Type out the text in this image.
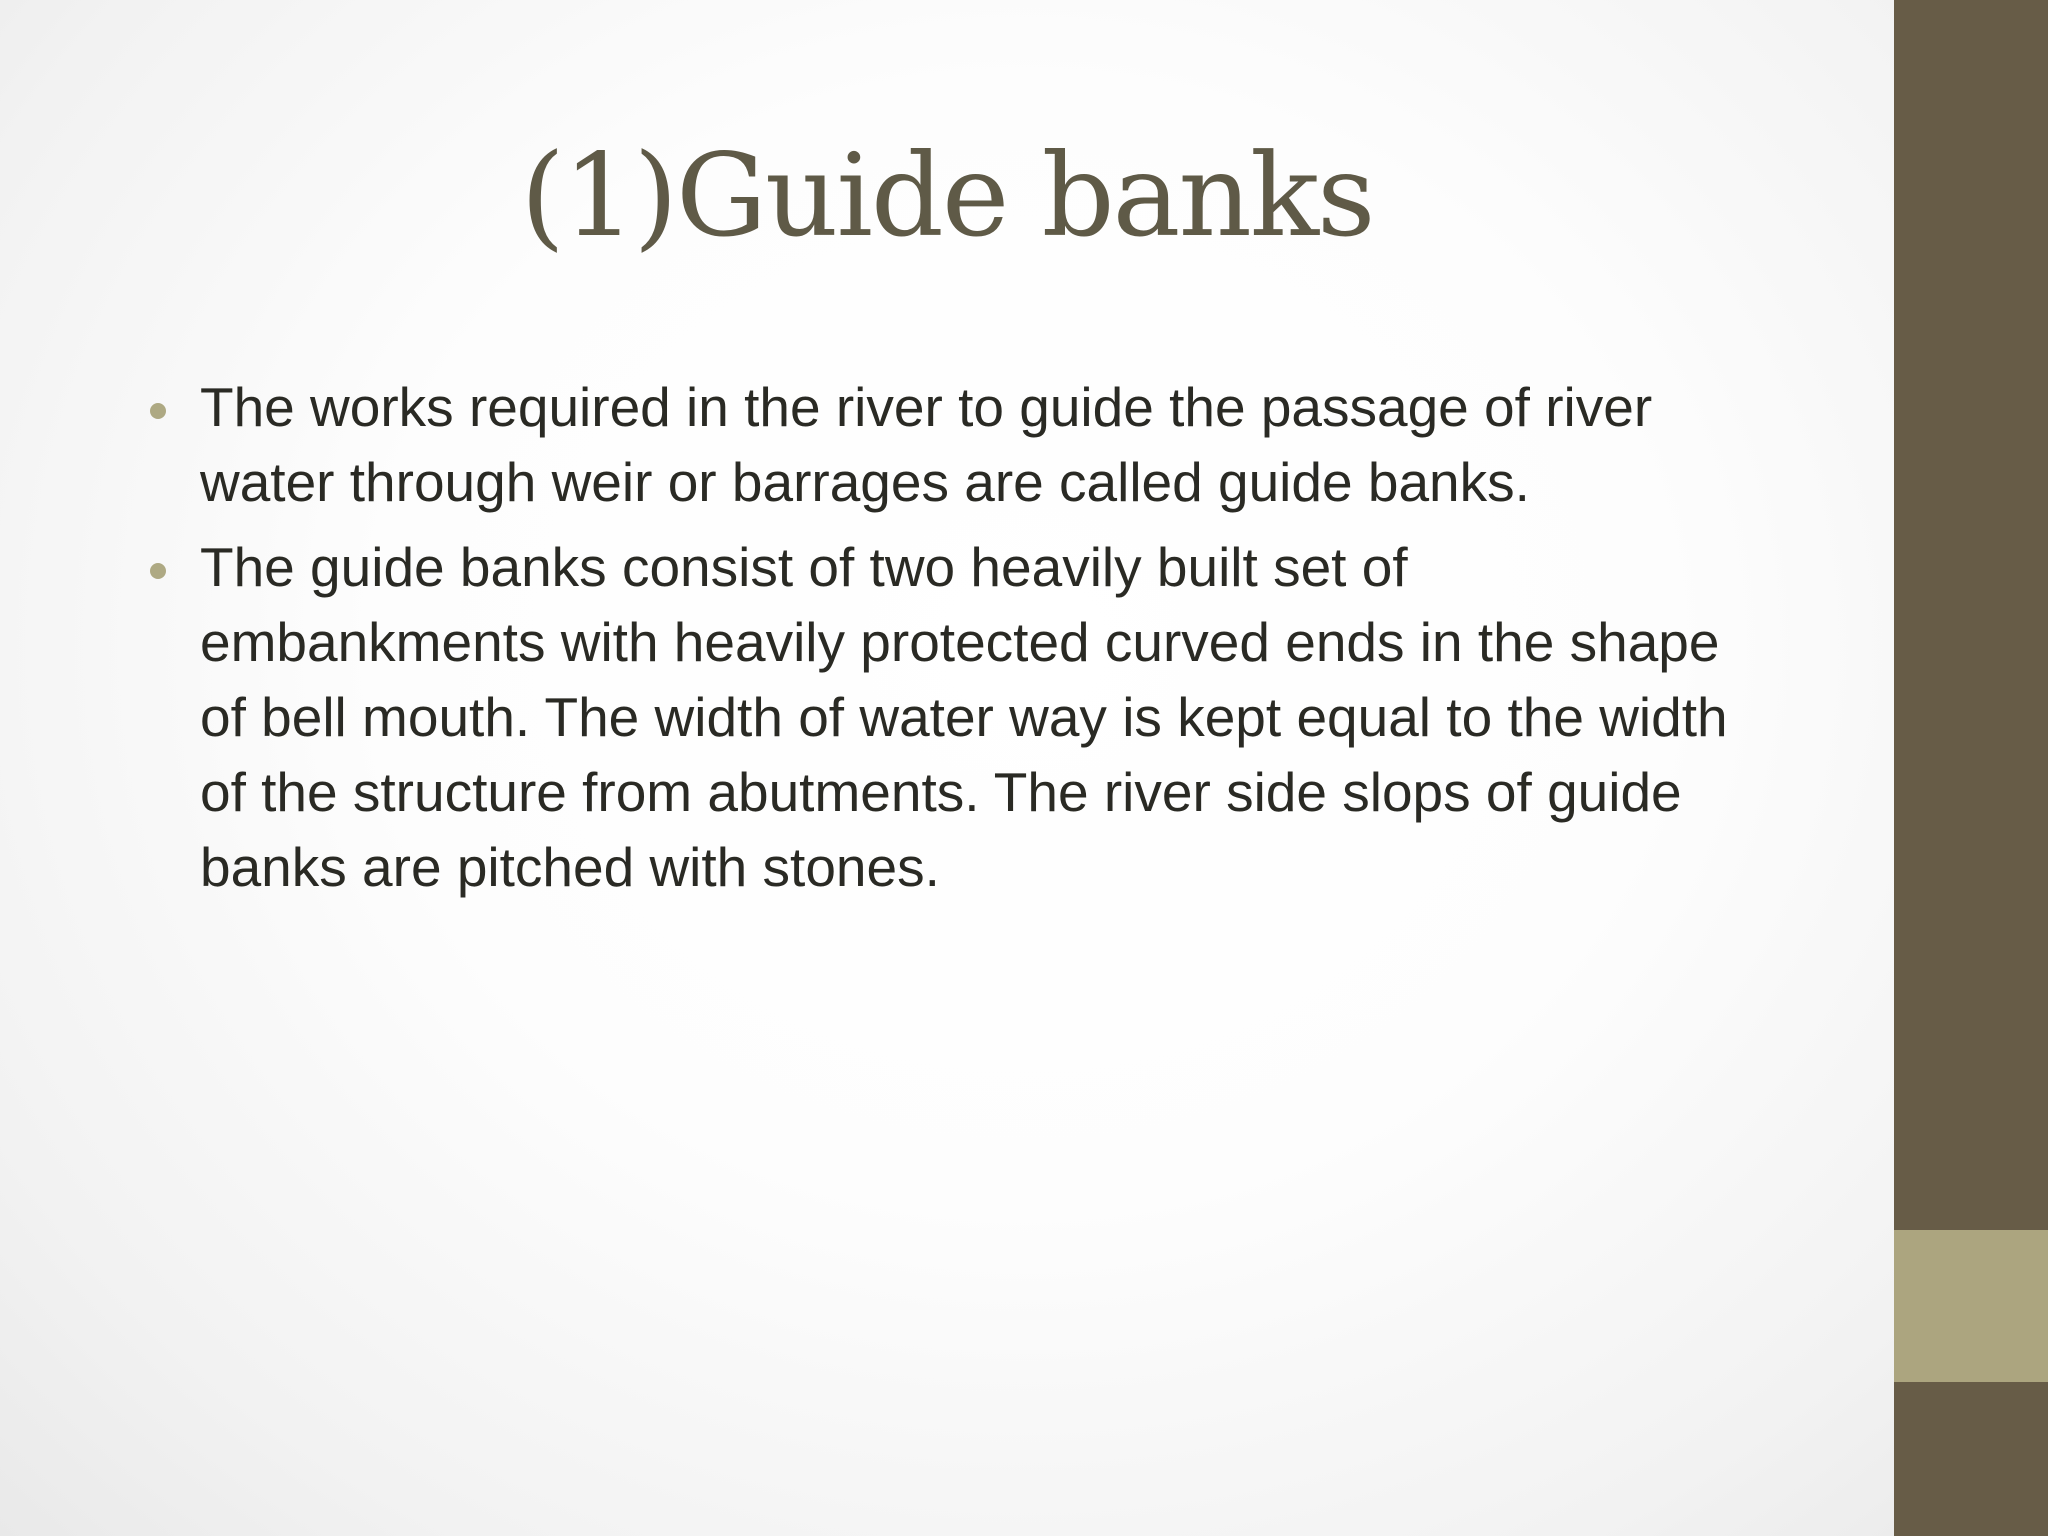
(1)Guide banks
The works required in the river to guide the passage of river water through weir or barrages are called guide banks.
The guide banks consist of two heavily built set of embankments with heavily protected curved ends in the shape of bell mouth. The width of water way is kept equal to the width of the structure from abutments. The river side slops of guide banks are pitched with stones.
